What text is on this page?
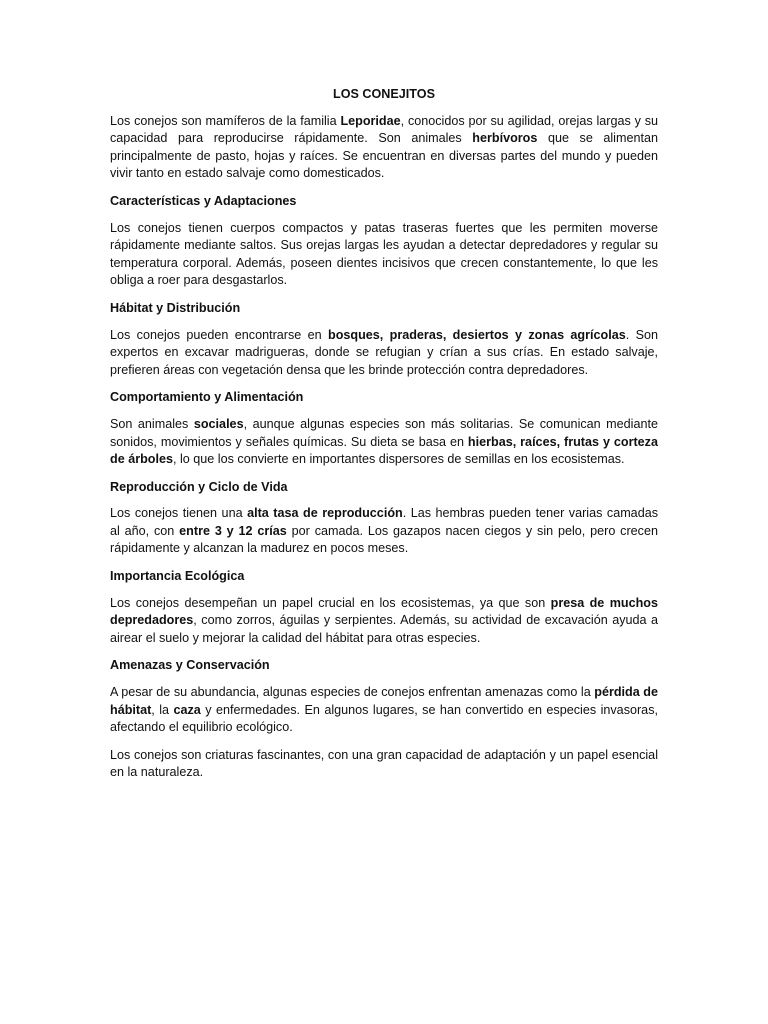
LOS CONEJITOS

Los conejos son mamíferos de la familia Leporidae, conocidos por su agilidad, orejas largas y su capacidad para reproducirse rápidamente. Son animales herbívoros que se alimentan principalmente de pasto, hojas y raíces. Se encuentran en diversas partes del mundo y pueden vivir tanto en estado salvaje como domesticados.

Características y Adaptaciones

Los conejos tienen cuerpos compactos y patas traseras fuertes que les permiten moverse rápidamente mediante saltos. Sus orejas largas les ayudan a detectar depredadores y regular su temperatura corporal. Además, poseen dientes incisivos que crecen constantemente, lo que les obliga a roer para desgastarlos.

Hábitat y Distribución

Los conejos pueden encontrarse en bosques, praderas, desiertos y zonas agrícolas. Son expertos en excavar madrigueras, donde se refugian y crían a sus crías. En estado salvaje, prefieren áreas con vegetación densa que les brinde protección contra depredadores.

Comportamiento y Alimentación

Son animales sociales, aunque algunas especies son más solitarias. Se comunican mediante sonidos, movimientos y señales químicas. Su dieta se basa en hierbas, raíces, frutas y corteza de árboles, lo que los convierte en importantes dispersores de semillas en los ecosistemas.

Reproducción y Ciclo de Vida

Los conejos tienen una alta tasa de reproducción. Las hembras pueden tener varias camadas al año, con entre 3 y 12 crías por camada. Los gazapos nacen ciegos y sin pelo, pero crecen rápidamente y alcanzan la madurez en pocos meses.

Importancia Ecológica

Los conejos desempeñan un papel crucial en los ecosistemas, ya que son presa de muchos depredadores, como zorros, águilas y serpientes. Además, su actividad de excavación ayuda a airear el suelo y mejorar la calidad del hábitat para otras especies.

Amenazas y Conservación

A pesar de su abundancia, algunas especies de conejos enfrentan amenazas como la pérdida de hábitat, la caza y enfermedades. En algunos lugares, se han convertido en especies invasoras, afectando el equilibrio ecológico.

Los conejos son criaturas fascinantes, con una gran capacidad de adaptación y un papel esencial en la naturaleza.
